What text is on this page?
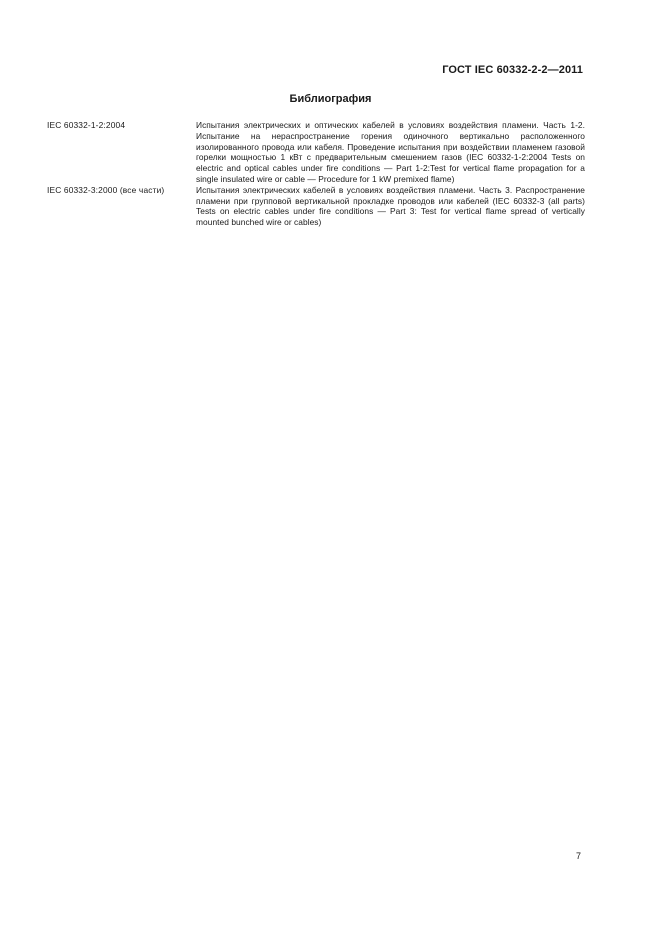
ГОСТ IEC 60332-2-2—2011
Библиография
IEC 60332-1-2:2004	Испытания электрических и оптических кабелей в условиях воздействия пламени. Часть 1-2. Испытание на нераспространение горения одиночного вертикально расположенного изолированного провода или кабеля. Проведение испытания при воздействии пламенем газовой горелки мощностью 1 кВт с предварительным смешением газов (IEC 60332-1-2:2004 Tests on electric and optical cables under fire conditions — Part 1-2:Test for vertical flame propagation for a single insulated wire or cable — Procedure for 1 kW premixed flame)
IEC 60332-3:2000 (все части)	Испытания электрических кабелей в условиях воздействия пламени. Часть 3. Распространение пламени при групповой вертикальной прокладке проводов или кабелей (IEC 60332-3 (all parts) Tests on electric cables under fire conditions — Part 3: Test for vertical flame spread of vertically mounted bunched wire or cables)
7
